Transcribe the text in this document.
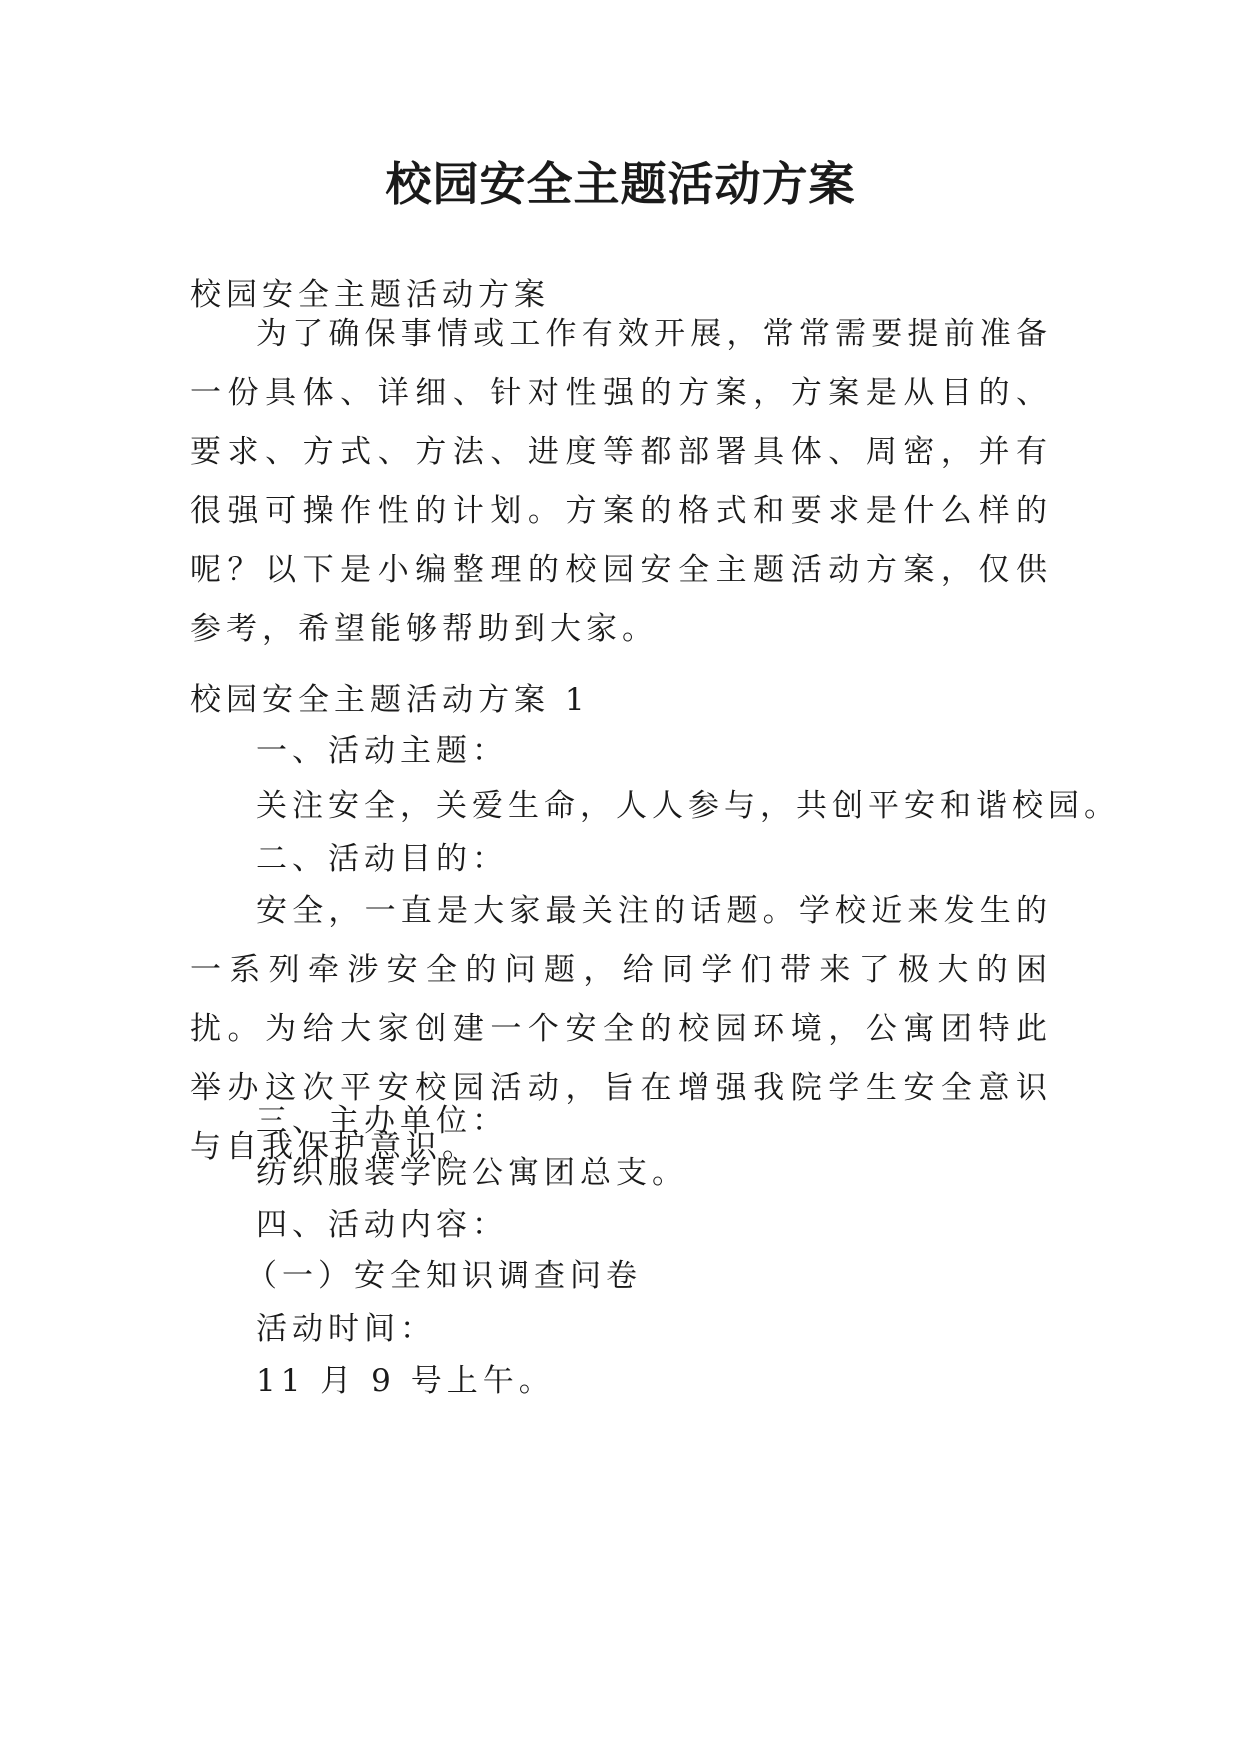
校园安全主题活动方案
校园安全主题活动方案

为了确保事情或工作有效开展，常常需要提前准备一份具体、详细、针对性强的方案，方案是从目的、要求、方式、方法、进度等都部署具体、周密，并有很强可操作性的计划。方案的格式和要求是什么样的呢？以下是小编整理的校园安全主题活动方案，仅供参考，希望能够帮助到大家。

校园安全主题活动方案 1
一、活动主题：
关注安全，关爱生命，人人参与，共创平安和谐校园。
二、活动目的：

安全，一直是大家最关注的话题。学校近来发生的一系列牵涉安全的问题，给同学们带来了极大的困扰。为给大家创建一个安全的校园环境，公寓团特此举办这次平安校园活动，旨在增强我院学生安全意识与自我保护意识。

三、主办单位：
纺织服装学院公寓团总支。
四、活动内容：
（一）安全知识调查问卷
活动时间：
11 月 9 号上午。
